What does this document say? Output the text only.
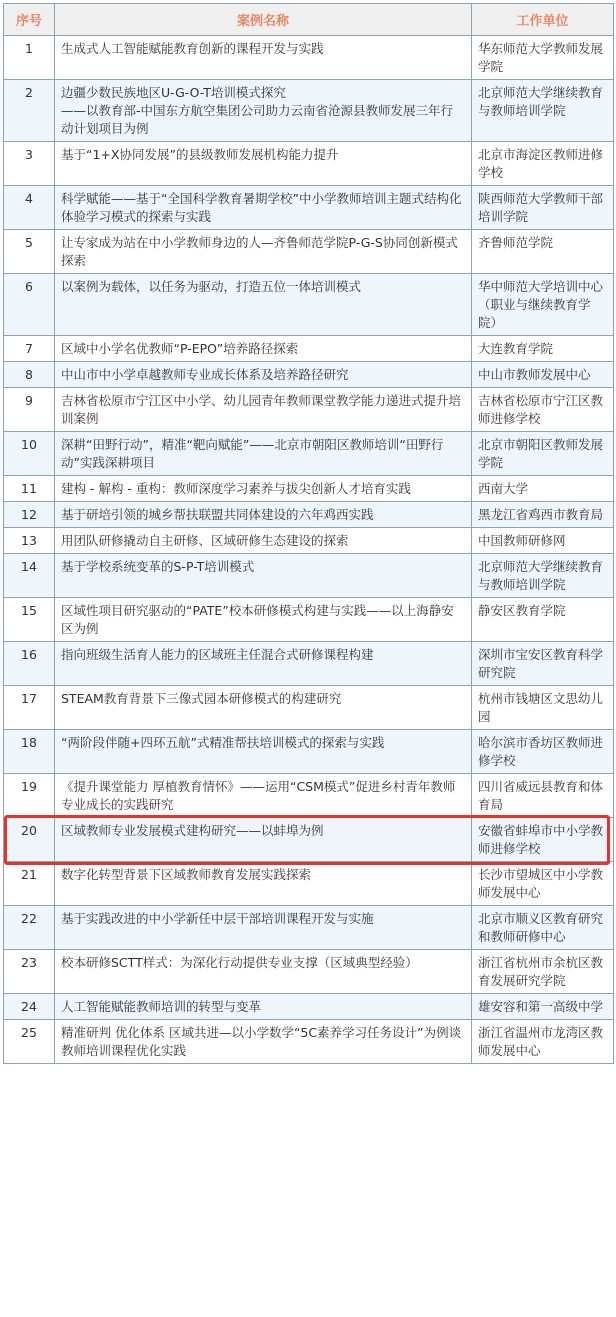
序号	案例名称	工作单位
1	生成式人工智能赋能教育创新的课程开发与实践	华东师范大学教师发展学院
2	边疆少数民族地区U-G-O-T培训模式探究
——以教育部-中国东方航空集团公司助力云南省沧源县教师发展三年行动计划项目为例	北京师范大学继续教育与教师培训学院
3	基于“1+X协同发展”的县级教师发展机构能力提升	北京市海淀区教师进修学校
4	科学赋能——基于“全国科学教育暑期学校”中小学教师培训主题式结构化体验学习模式的探索与实践	陕西师范大学教师干部培训学院
5	让专家成为站在中小学教师身边的人—齐鲁师范学院P-G-S协同创新模式探索	齐鲁师范学院
6	以案例为载体，以任务为驱动，打造五位一体培训模式	华中师范大学培训中心（职业与继续教育学院）
7	区域中小学名优教师“P-EPO”培养路径探索	大连教育学院
8	中山市中小学卓越教师专业成长体系及培养路径研究	中山市教师发展中心
9	吉林省松原市宁江区中小学、幼儿园青年教师课堂教学能力递进式提升培训案例	吉林省松原市宁江区教师进修学校
10	深耕“田野行动”，精准“靶向赋能”——北京市朝阳区教师培训“田野行动”实践深耕项目	北京市朝阳区教师发展学院
11	建构 - 解构 - 重构：教师深度学习素养与拔尖创新人才培育实践	西南大学
12	基于研培引领的城乡帮扶联盟共同体建设的六年鸡西实践	黑龙江省鸡西市教育局
13	用团队研修撬动自主研修、区域研修生态建设的探索	中国教师研修网
14	基于学校系统变革的S-P-T培训模式	北京师范大学继续教育与教师培训学院
15	区域性项目研究驱动的“PATE”校本研修模式构建与实践——以上海静安区为例	静安区教育学院
16	指向班级生活育人能力的区域班主任混合式研修课程构建	深圳市宝安区教育科学研究院
17	STEAM教育背景下三像式园本研修模式的构建研究	杭州市钱塘区文思幼儿园
18	“两阶段伴随+四环五航”式精准帮扶培训模式的探索与实践	哈尔滨市香坊区教师进修学校
19	《提升课堂能力 厚植教育情怀》——运用“CSM模式”促进乡村青年教师专业成长的实践研究	四川省威远县教育和体育局
20	区域教师专业发展模式建构研究——以蚌埠为例	安徽省蚌埠市中小学教师进修学校
21	数字化转型背景下区域教师教育发展实践探索	长沙市望城区中小学教师发展中心
22	基于实践改进的中小学新任中层干部培训课程开发与实施	北京市顺义区教育研究和教师研修中心
23	校本研修SCTT样式：为深化行动提供专业支撑（区域典型经验）	浙江省杭州市余杭区教育发展研究学院
24	人工智能赋能教师培训的转型与变革	雄安容和第一高级中学
25	精准研判 优化体系 区域共进—以小学数学“5C素养学习任务设计”为例谈教师培训课程优化实践	浙江省温州市龙湾区教师发展中心
